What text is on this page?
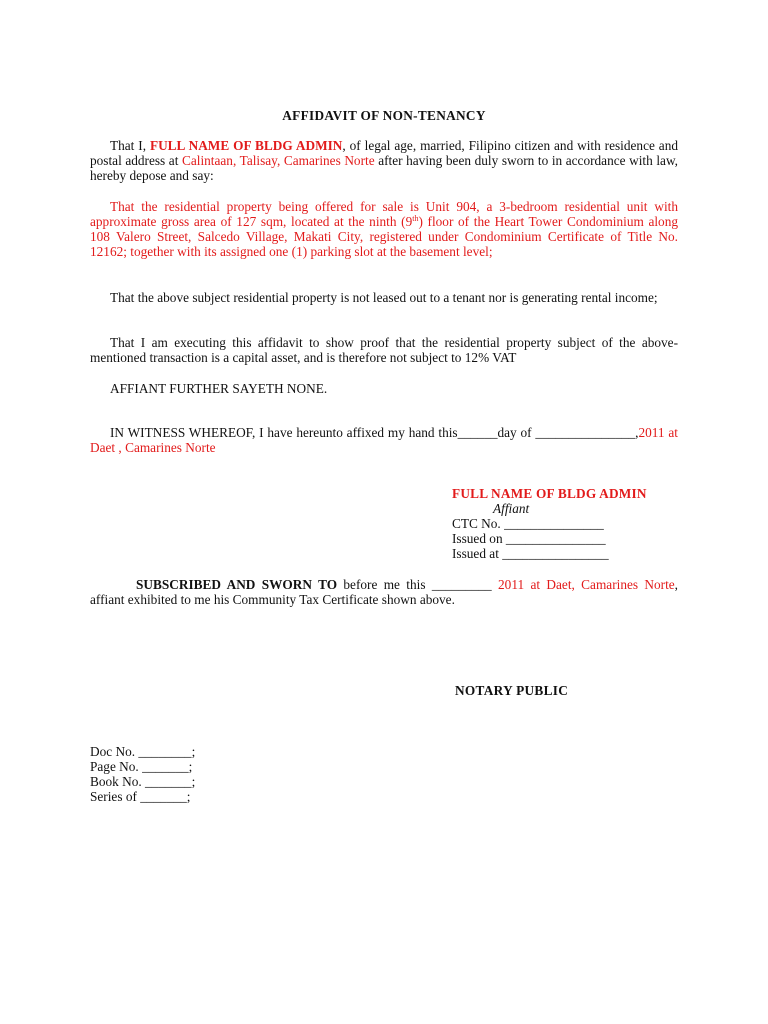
AFFIDAVIT OF NON-TENANCY

That I, FULL NAME OF BLDG ADMIN, of legal age, married, Filipino citizen and with residence and postal address at Calintaan, Talisay, Camarines Norte after having been duly sworn to in accordance with law, hereby depose and say:

That the residential property being offered for sale is Unit 904, a 3-bedroom residential unit with approximate gross area of 127 sqm, located at the ninth (9th) floor of the Heart Tower Condominium along 108 Valero Street, Salcedo Village, Makati City, registered under Condominium Certificate of Title No. 12162; together with its assigned one (1) parking slot at the basement level;

That the above subject residential property is not leased out to a tenant nor is generating rental income;

That I am executing this affidavit to show proof that the residential property subject of the above-mentioned transaction is a capital asset, and is therefore not subject to 12% VAT

AFFIANT FURTHER SAYETH NONE.

IN WITNESS WHEREOF, I have hereunto affixed my hand this______day of _______________,2011 at Daet , Camarines Norte

FULL NAME OF BLDG ADMIN
Affiant
CTC No. _______________
Issued on _______________
Issued at ________________

SUBSCRIBED AND SWORN TO before me this _________ 2011 at Daet, Camarines Norte, affiant exhibited to me his Community Tax Certificate shown above.

NOTARY PUBLIC
Doc No. ________;
Page No. _______;
Book No. _______;
Series of _______;
